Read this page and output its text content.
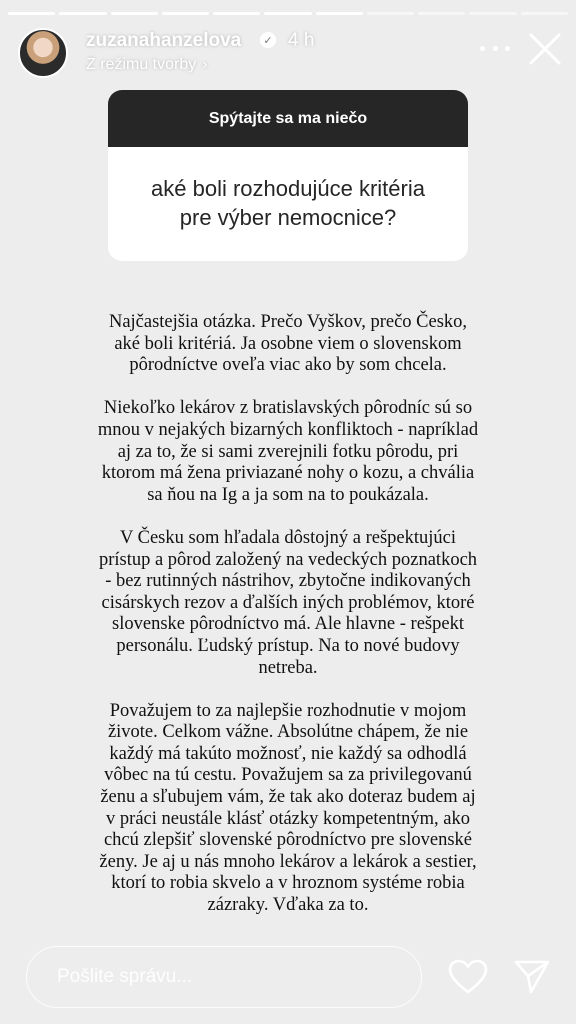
zuzanahanzelova	✓ 4 h
Z režimu tvorby ›
Spýtajte sa ma niečo
aké boli rozhodujúce kritéria pre výber nemocnice?

Najčastejšia otázka. Prečo Vyškov, prečo Česko, aké boli kritériá. Ja osobne viem o slovenskom pôrodníctve oveľa viac ako by som chcela.

Niekoľko lekárov z bratislavských pôrodníc sú so mnou v nejakých bizarných konfliktoch - napríklad aj za to, že si sami zverejnili fotku pôrodu, pri ktorom má žena priviazané nohy o kozu, a chvália sa ňou na Ig a ja som na to poukázala.

V Česku som hľadala dôstojný a rešpektujúci prístup a pôrod založený na vedeckých poznatkoch - bez rutinných nástrihov, zbytočne indikovaných cisárskych rezov a ďalších iných problémov, ktoré slovenske pôrodníctvo má. Ale hlavne - rešpekt personálu. Ľudský prístup. Na to nové budovy netreba.

Považujem to za najlepšie rozhodnutie v mojom živote. Celkom vážne. Absolútne chápem, že nie každý má takúto možnosť, nie každý sa odhodlá vôbec na tú cestu. Považujem sa za privilegovanú ženu a sľubujem vám, že tak ako doteraz budem aj v práci neustále klásť otázky kompetentným, ako chcú zlepšiť slovenské pôrodníctvo pre slovenské ženy. Je aj u nás mnoho lekárov a lekárok a sestier, ktorí to robia skvelo a v hroznom systéme robia zázraky. Vďaka za to.

Pošlite správu...
